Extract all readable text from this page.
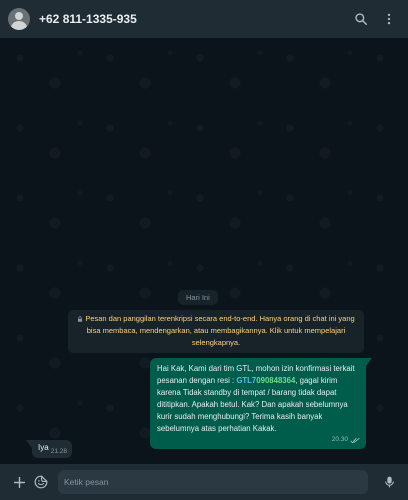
+62 811-1335-935
Hari Ini
Pesan dan panggilan terenkripsi secara end-to-end. Hanya orang di chat ini yang bisa membaca, mendengarkan, atau membagikannya. Klik untuk mempelajari selengkapnya.
Hai Kak, Kami dari tim GTL, mohon izin konfirmasi terkait pesanan dengan resi : GTL7090848364, gagal kirim karena Tidak standby di tempat / barang tidak dapat dititipkan. Apakah betul. Kak? Dan apakah sebelumnya kurir sudah menghubungi? Terima kasih banyak sebelumnya atas perhatian Kakak.
20.30
Iya 21.28
Ketik pesan
